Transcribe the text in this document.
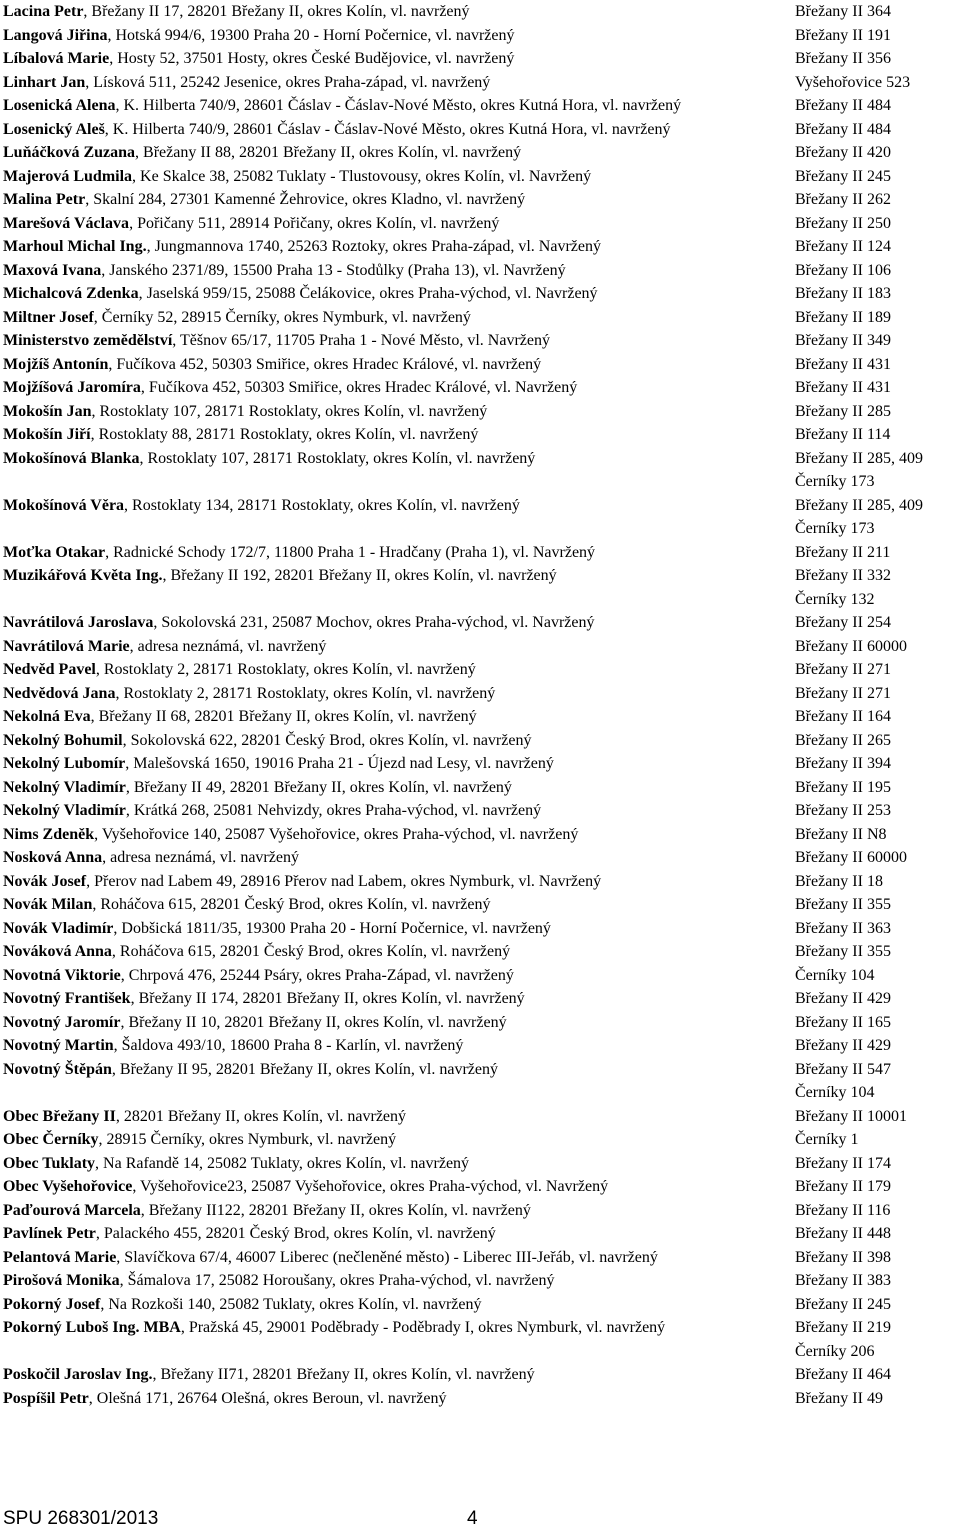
Lacina Petr, Břežany II 17, 28201 Břežany II, okres Kolín, vl. navržený	Břežany II 364
Langová Jiřina, Hotská 994/6, 19300 Praha 20 - Horní Počernice, vl. navržený	Břežany II 191
Líbalová Marie, Hosty 52, 37501 Hosty, okres České Budějovice, vl. navržený	Břežany II 356
Linhart Jan, Lísková 511, 25242 Jesenice, okres Praha-západ, vl. navržený	Vyšehořovice 523
Losenická Alena, K. Hilberta 740/9, 28601 Čáslav - Čáslav-Nové Město, okres Kutná Hora, vl. navržený	Břežany II 484
Losenický Aleš, K. Hilberta 740/9, 28601 Čáslav - Čáslav-Nové Město, okres Kutná Hora, vl. navržený	Břežany II 484
Luňáčková Zuzana, Břežany II 88, 28201 Břežany II, okres Kolín, vl. navržený	Břežany II 420
Majerová Ludmila, Ke Skalce 38, 25082 Tuklaty - Tlustovousy, okres Kolín, vl. Navržený	Břežany II 245
Malina Petr, Skalní 284, 27301 Kamenné Žehrovice, okres Kladno, vl. navržený	Břežany II 262
Marešová Václava, Pořičany 511, 28914 Pořičany, okres Kolín, vl. navržený	Břežany II 250
Marhoul Michal Ing., Jungmannova 1740, 25263 Roztoky, okres Praha-západ, vl. Navržený	Břežany II 124
Maxová Ivana, Janského 2371/89, 15500 Praha 13 - Stodůlky (Praha 13), vl. Navržený	Břežany II 106
Michalcová Zdenka, Jaselská 959/15, 25088 Čelákovice, okres Praha-východ, vl. Navržený	Břežany II 183
Miltner Josef, Černíky 52, 28915 Černíky, okres Nymburk, vl. navržený	Břežany II 189
Ministerstvo zemědělství, Těšnov 65/17, 11705 Praha 1 - Nové Město, vl. Navržený	Břežany II 349
Mojžíš Antonín, Fučíkova 452, 50303 Smiřice, okres Hradec Králové, vl. navržený	Břežany II 431
Mojžíšová Jaromíra, Fučíkova 452, 50303 Smiřice, okres Hradec Králové, vl. Navržený	Břežany II 431
Mokošín Jan, Rostoklaty 107, 28171 Rostoklaty, okres Kolín, vl. navržený	Břežany II 285
Mokošín Jiří, Rostoklaty 88, 28171 Rostoklaty, okres Kolín, vl. navržený	Břežany II 114
Mokošínová Blanka, Rostoklaty 107, 28171 Rostoklaty, okres Kolín, vl. navržený	Břežany II 285, 409
Černíky 173
Mokošínová Věra, Rostoklaty 134, 28171 Rostoklaty, okres Kolín, vl. navržený	Břežany II 285, 409
Černíky 173
Moťka Otakar, Radnické Schody 172/7, 11800 Praha 1 - Hradčany (Praha 1), vl. Navržený	Břežany II 211
Muzikářová Květa Ing., Břežany II 192, 28201 Břežany II, okres Kolín, vl. navržený	Břežany II 332
Černíky 132
Navrátilová Jaroslava, Sokolovská 231, 25087 Mochov, okres Praha-východ, vl. Navržený	Břežany II 254
Navrátilová Marie, adresa neznámá, vl. navržený	Břežany II 60000
Nedvěd Pavel, Rostoklaty 2, 28171 Rostoklaty, okres Kolín, vl. navržený	Břežany II 271
Nedvědová Jana, Rostoklaty 2, 28171 Rostoklaty, okres Kolín, vl. navržený	Břežany II 271
Nekolná Eva, Břežany II 68, 28201 Břežany II, okres Kolín, vl. navržený	Břežany II 164
Nekolný Bohumil, Sokolovská 622, 28201 Český Brod, okres Kolín, vl. navržený	Břežany II 265
Nekolný Lubomír, Malešovská 1650, 19016 Praha 21 - Újezd nad Lesy, vl. navržený	Břežany II 394
Nekolný Vladimír, Břežany II 49, 28201 Břežany II, okres Kolín, vl. navržený	Břežany II 195
Nekolný Vladimír, Krátká 268, 25081 Nehvizdy, okres Praha-východ, vl. navržený	Břežany II 253
Nims Zdeněk, Vyšehořovice 140, 25087 Vyšehořovice, okres Praha-východ, vl. navržený	Břežany II N8
Nosková Anna, adresa neznámá, vl. navržený	Břežany II 60000
Novák Josef, Přerov nad Labem 49, 28916 Přerov nad Labem, okres Nymburk, vl. Navržený	Břežany II 18
Novák Milan, Roháčova 615, 28201 Český Brod, okres Kolín, vl. navržený	Břežany II 355
Novák Vladimír, Dobšická 1811/35, 19300 Praha 20 - Horní Počernice, vl. navržený	Břežany II 363
Nováková Anna, Roháčova 615, 28201 Český Brod, okres Kolín, vl. navržený	Břežany II 355
Novotná Viktorie, Chrpová 476, 25244 Psáry, okres Praha-Západ, vl. navržený	Černíky 104
Novotný František, Břežany II 174, 28201 Břežany II, okres Kolín, vl. navržený	Břežany II 429
Novotný Jaromír, Břežany II 10, 28201 Břežany II, okres Kolín, vl. navržený	Břežany II 165
Novotný Martin, Šaldova 493/10, 18600 Praha 8 - Karlín, vl. navržený	Břežany II 429
Novotný Štěpán, Břežany II 95, 28201 Břežany II, okres Kolín, vl. navržený	Břežany II 547
Černíky 104
Obec Břežany II, 28201 Břežany II, okres Kolín, vl. navržený	Břežany II 10001
Obec Černíky, 28915 Černíky, okres Nymburk, vl. navržený	Černíky 1
Obec Tuklaty, Na Rafandě 14, 25082 Tuklaty, okres Kolín, vl. navržený	Břežany II 174
Obec Vyšehořovice, Vyšehořovice23, 25087 Vyšehořovice, okres Praha-východ, vl. Navržený	Břežany II 179
Paďourová Marcela, Břežany II122, 28201 Břežany II, okres Kolín, vl. navržený	Břežany II 116
Pavlínek Petr, Palackého 455, 28201 Český Brod, okres Kolín, vl. navržený	Břežany II 448
Pelantová Marie, Slavíčkova 67/4, 46007 Liberec (nečleněné město) - Liberec III-Jeřáb, vl. navržený	Břežany II 398
Pirošová Monika, Šámalova 17, 25082 Horoušany, okres Praha-východ, vl. navržený	Břežany II 383
Pokorný Josef, Na Rozkoši 140, 25082 Tuklaty, okres Kolín, vl. navržený	Břežany II 245
Pokorný Luboš Ing. MBA, Pražská 45, 29001 Poděbrady - Poděbrady I, okres Nymburk, vl. navržený	Břežany II 219
Černíky 206
Poskočil Jaroslav Ing., Břežany II71, 28201 Břežany II, okres Kolín, vl. navržený	Břežany II 464
Pospíšil Petr, Olešná 171, 26764 Olešná, okres Beroun, vl. navržený	Břežany II 49
SPU 268301/2013	4
